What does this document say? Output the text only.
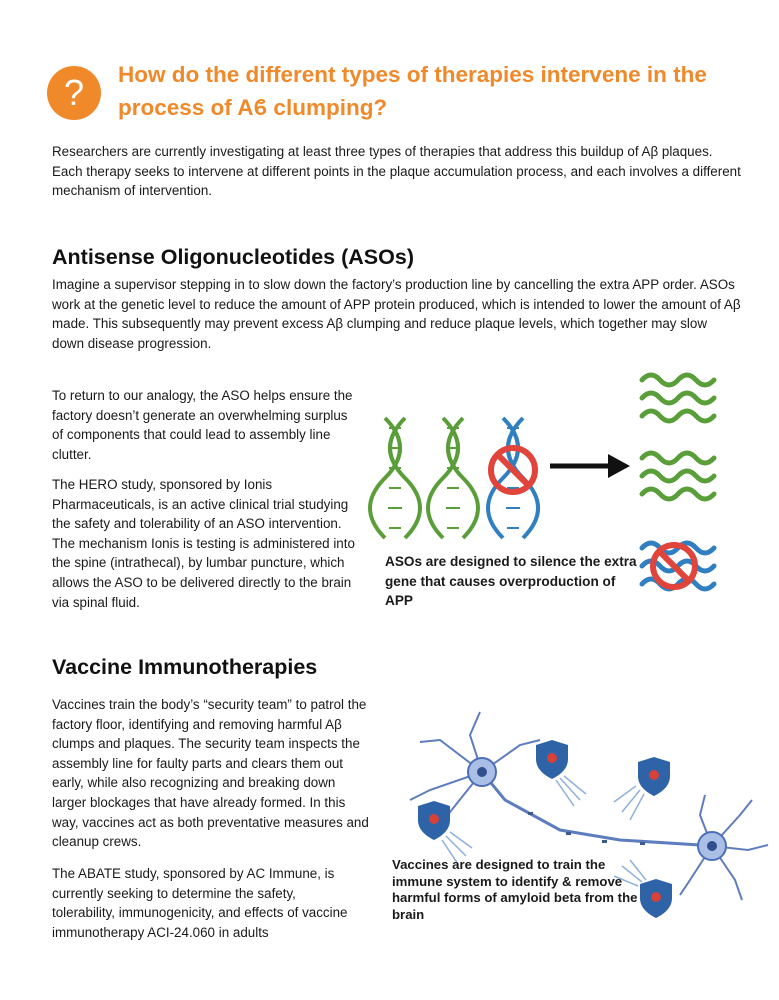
?	How do the different types of therapies intervene in the process of Aϐ clumping?

Researchers are currently investigating at least three types of therapies that address this buildup of Aβ plaques. Each therapy seeks to intervene at different points in the plaque accumulation process, and each involves a different mechanism of intervention.

Antisense Oligonucleotides (ASOs)

Imagine a supervisor stepping in to slow down the factory’s production line by cancelling the extra APP order. ASOs work at the genetic level to reduce the amount of APP protein produced, which is intended to lower the amount of Aβ made. This subsequently may prevent excess Aβ clumping and reduce plaque levels, which together may slow down disease progression.

To return to our analogy, the ASO helps ensure the factory doesn’t generate an overwhelming surplus of components that could lead to assembly line clutter.

The HERO study, sponsored by Ionis Pharmaceuticals, is an active clinical trial studying the safety and tolerability of an ASO intervention. The mechanism Ionis is testing is administered into the spine (intrathecal), by lumbar puncture, which allows the ASO to be delivered directly to the brain via spinal fluid.

ASOs are designed to silence the extra gene that causes overproduction of APP
Vaccine Immunotherapies

Vaccines train the body’s “security team” to patrol the factory floor, identifying and removing harmful Aβ clumps and plaques. The security team inspects the assembly line for faulty parts and clears them out early, while also recognizing and breaking down larger blockages that have already formed. In this way, vaccines act as both preventative measures and cleanup crews.

The ABATE study, sponsored by AC Immune, is currently seeking to determine the safety, tolerability, immunogenicity, and effects of vaccine immunotherapy ACI-24.060 in adults

Vaccines are designed to train the immune system to identify & remove harmful forms of amyloid beta from the brain
